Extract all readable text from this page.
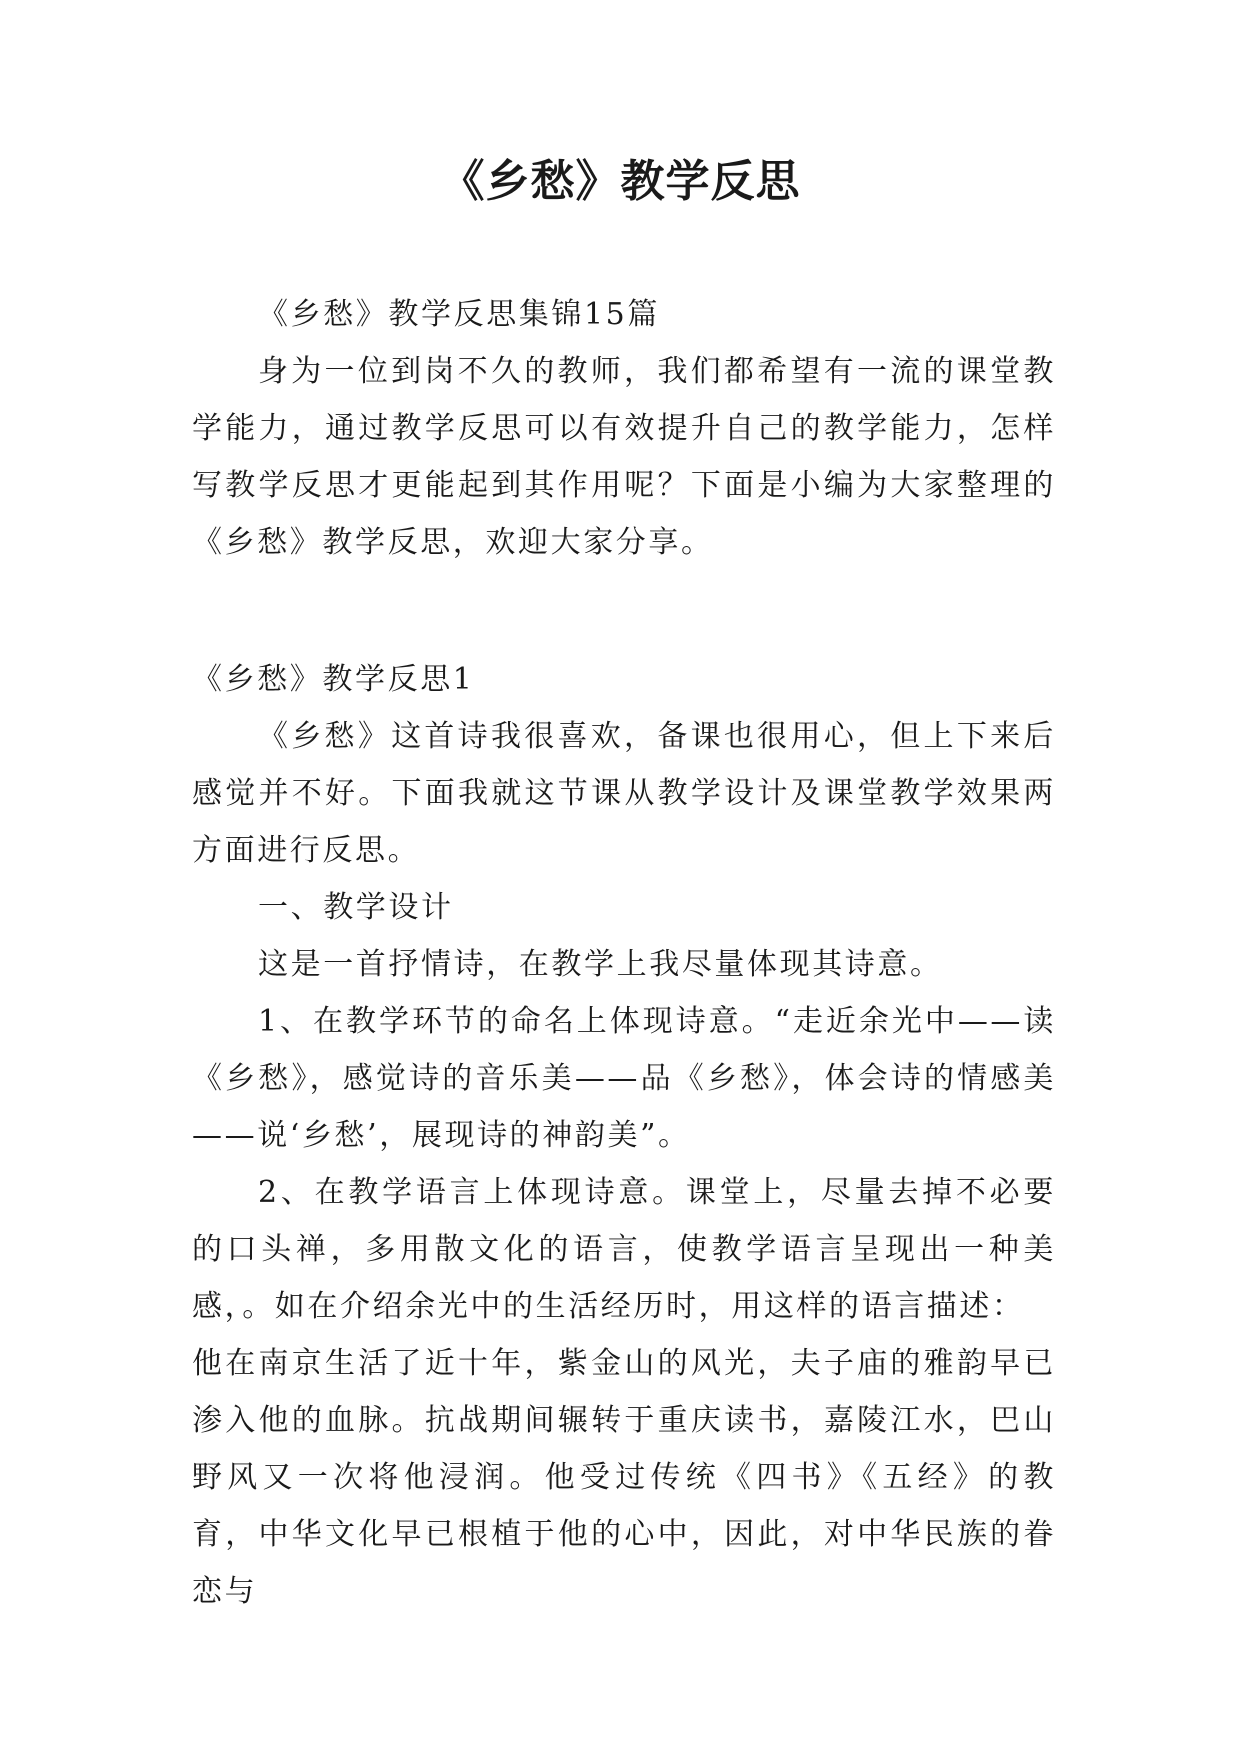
《乡愁》教学反思

《乡愁》教学反思集锦15篇

身为一位到岗不久的教师，我们都希望有一流的课堂教学能力，通过教学反思可以有效提升自己的教学能力，怎样写教学反思才更能起到其作用呢？下面是小编为大家整理的《乡愁》教学反思，欢迎大家分享。

《乡愁》教学反思1

《乡愁》这首诗我很喜欢，备课也很用心，但上下来后感觉并不好。下面我就这节课从教学设计及课堂教学效果两方面进行反思。

一、教学设计

这是一首抒情诗，在教学上我尽量体现其诗意。

1、在教学环节的命名上体现诗意。“走近余光中——读《乡愁》，感觉诗的音乐美——品《乡愁》，体会诗的情感美——说‘乡愁’，展现诗的神韵美”。

2、在教学语言上体现诗意。课堂上，尽量去掉不必要的口头禅，多用散文化的语言，使教学语言呈现出一种美感，。如在介绍余光中的生活经历时，用这样的语言描述：

他在南京生活了近十年，紫金山的风光，夫子庙的雅韵早已渗入他的血脉。抗战期间辗转于重庆读书，嘉陵江水，巴山野风又一次将他浸润。他受过传统《四书》《五经》的教育，中华文化早已根植于他的心中，因此，对中华民族的眷恋与
